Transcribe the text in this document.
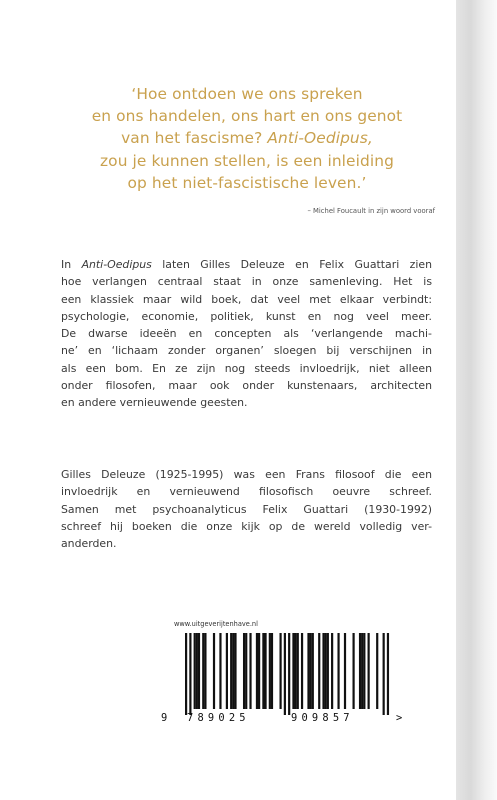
‘Hoe ontdoen we ons spreken
en ons handelen, ons hart en ons genot
van het fascisme? Anti-Oedipus,
zou je kunnen stellen, is een inleiding
op het niet-fascistische leven.’
– Michel Foucault in zijn woord vooraf
In Anti-Oedipus laten Gilles Deleuze en Felix Guattari zien
hoe verlangen centraal staat in onze samenleving. Het is
een klassiek maar wild boek, dat veel met elkaar verbindt:
psychologie, economie, politiek, kunst en nog veel meer.
De dwarse ideeën en concepten als ‘verlangende machi-
ne’ en ‘lichaam zonder organen’ sloegen bij verschijnen in
als een bom. En ze zijn nog steeds invloedrijk, niet alleen
onder filosofen, maar ook onder kunstenaars, architecten
en andere vernieuwende geesten.
Gilles Deleuze (1925-1995) was een Frans filosoof die een
invloedrijk en vernieuwend filosofisch oeuvre schreef.
Samen met psychoanalyticus Felix Guattari (1930-1992)
schreef hij boeken die onze kijk op de wereld volledig ver-
anderden.
www.uitgeverijtenhave.nl
9 789025	909857	>
